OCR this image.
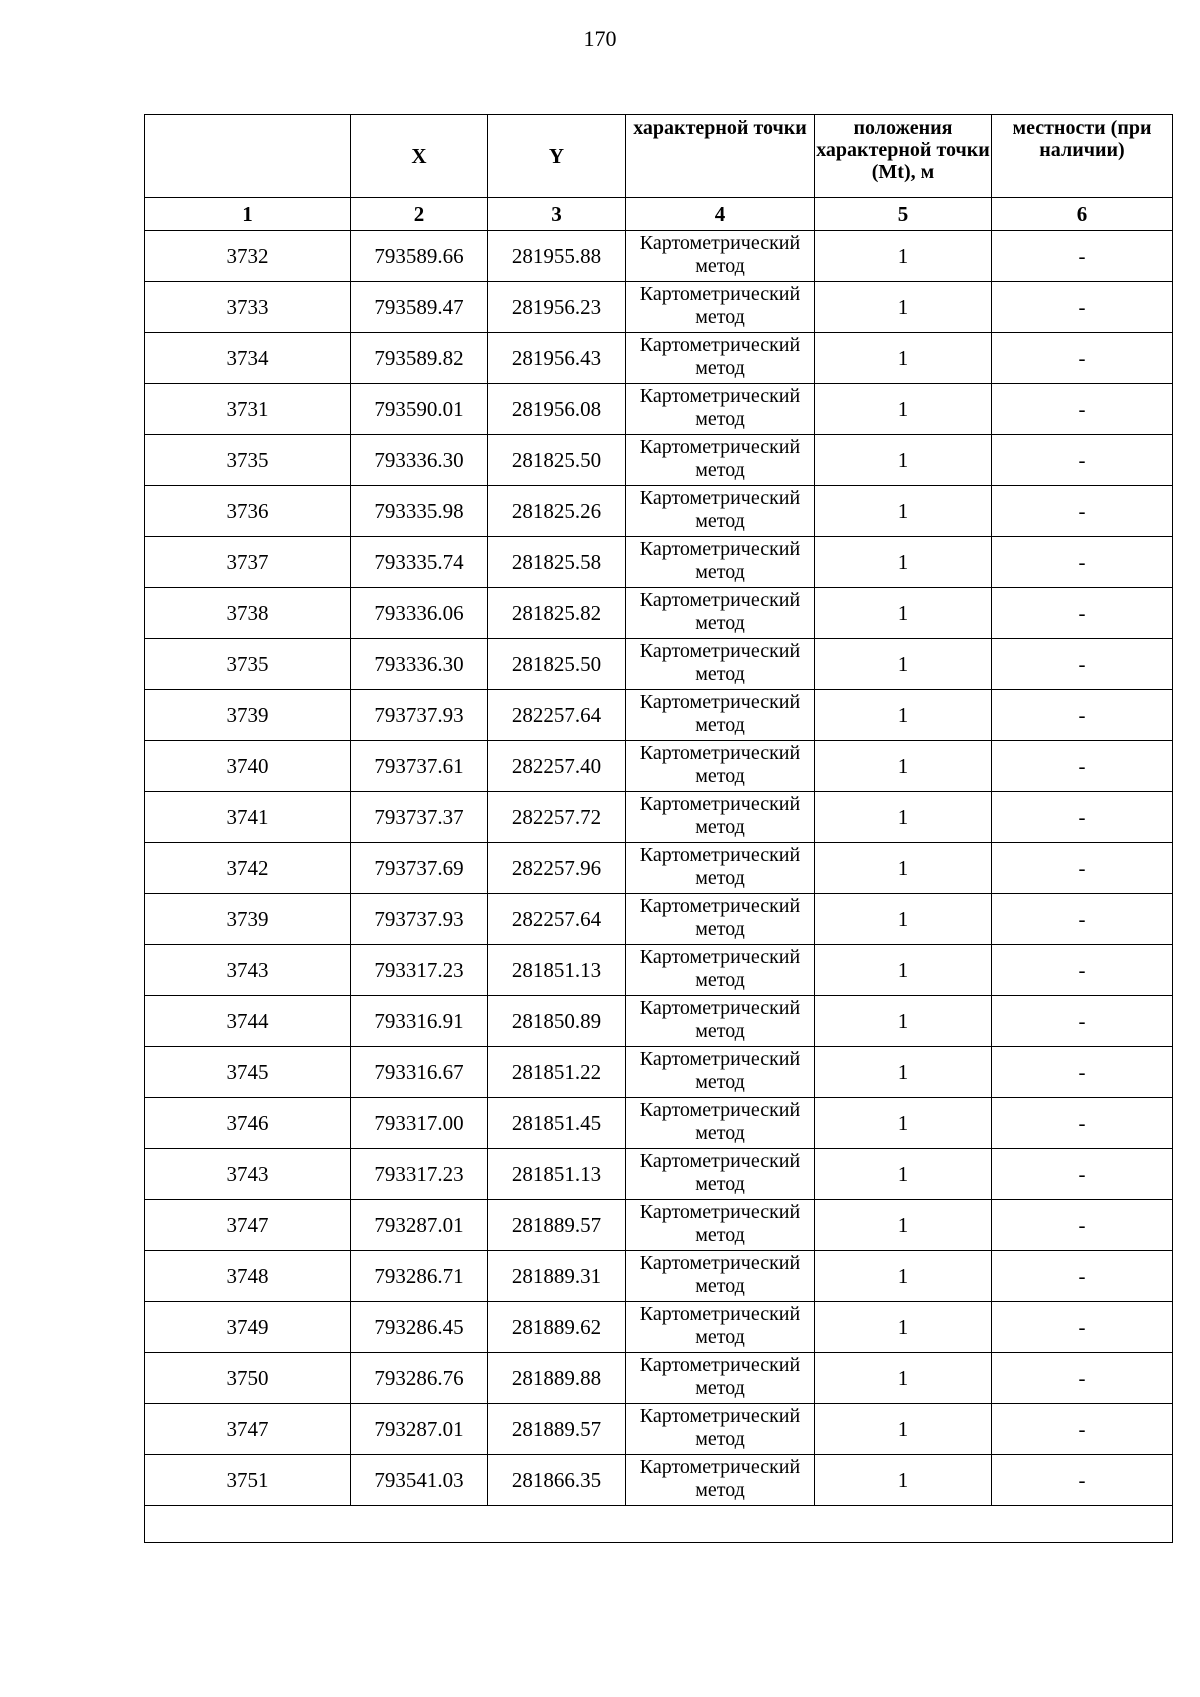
170
	X	Y	характерной точки	положения характерной точки (Mt), м	местности (при наличии)
1	2	3	4	5	6
3732	793589.66	281955.88	Картометрический метод	1	-
3733	793589.47	281956.23	Картометрический метод	1	-
3734	793589.82	281956.43	Картометрический метод	1	-
3731	793590.01	281956.08	Картометрический метод	1	-
3735	793336.30	281825.50	Картометрический метод	1	-
3736	793335.98	281825.26	Картометрический метод	1	-
3737	793335.74	281825.58	Картометрический метод	1	-
3738	793336.06	281825.82	Картометрический метод	1	-
3735	793336.30	281825.50	Картометрический метод	1	-
3739	793737.93	282257.64	Картометрический метод	1	-
3740	793737.61	282257.40	Картометрический метод	1	-
3741	793737.37	282257.72	Картометрический метод	1	-
3742	793737.69	282257.96	Картометрический метод	1	-
3739	793737.93	282257.64	Картометрический метод	1	-
3743	793317.23	281851.13	Картометрический метод	1	-
3744	793316.91	281850.89	Картометрический метод	1	-
3745	793316.67	281851.22	Картометрический метод	1	-
3746	793317.00	281851.45	Картометрический метод	1	-
3743	793317.23	281851.13	Картометрический метод	1	-
3747	793287.01	281889.57	Картометрический метод	1	-
3748	793286.71	281889.31	Картометрический метод	1	-
3749	793286.45	281889.62	Картометрический метод	1	-
3750	793286.76	281889.88	Картометрический метод	1	-
3747	793287.01	281889.57	Картометрический метод	1	-
3751	793541.03	281866.35	Картометрический метод	1	-
